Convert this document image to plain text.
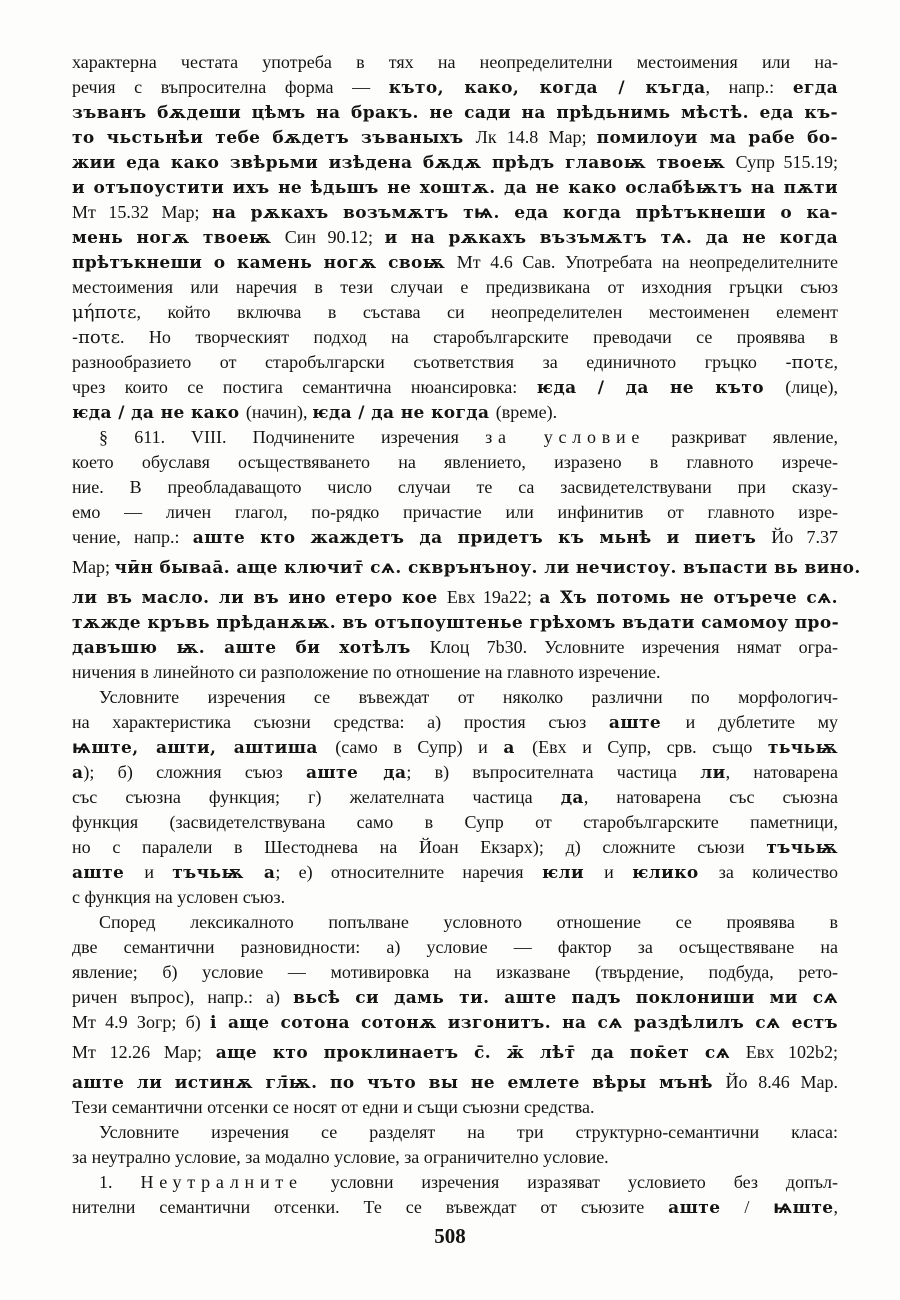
характерна честата употреба в тях на неопределителни местоимения или на-
речия с въпросителна форма — къто, како, когда / къгда, напр.: егда
зъванъ бѫдеши цѣмъ на бракъ. не сади на прѣдьнимь мѣстѣ. еда къ-
то чьстьнѣи тебе бѫдетъ зъваныхъ Лк 14.8 Мар; помилоуи ма рабе бо-
жии еда како звѣрьми изѣдена бѫдѫ прѣдъ главоѭ твоеѭ Супр 515.19;
и отъпоустити ихъ не ѣдьшъ не хоштѫ. да не како ослабѣѭтъ на пѫти
Мт 15.32 Мар; на рѫкахъ возъмѫтъ тѩ. еда когда прѣтъкнеши о ка-
мень ногѫ твоеѭ Син 90.12; и на рѫкахъ възъмѫтъ тѧ. да не когда
прѣтъкнеши о камень ногѫ своѭ Мт 4.6 Сав. Употребата на неопределителните
местоимения или наречия в тези случаи е предизвикана от изходния гръцки съюз
μήποτε, който включва в състава си неопределителен местоименен елемент
-ποτε. Но творческият подход на старобългарските преводачи се проявява в
разнообразието от старобългарски съответствия за единичното гръцко -ποτε,
чрез които се постига семантична нюансировка: ѥда / да не къто (лице),
ѥда / да не како (начин), ѥда / да не когда (време).
§ 611. VIII. Подчинените изречения за условие разкриват явление,
което обуславя осъществяването на явлението, изразено в главното изрече-
ние. В преобладаващото число случаи те са засвидетелствувани при сказу-
емо — личен глагол, по-рядко причастие или инфинитив от главното изре-
чение, напр.: аште кто жаждетъ да придетъ къ мьнѣ и пиетъ Йо 7.37
Мар; чӣн бываа̄. аще ключит̄ сѧ. скврънъноу. ли нечистоу. въпасти вь вино.
ли въ масло. ли въ ино етеро кое Евх 19а22; а Х̄ъ потомь не отърече сѧ.
тѫжде кръвь прѣданѫѭ. въ отъпоуштенье грѣхомъ въдати самомоу про-
давъшю ѭ. аште би хотѣлъ Клоц 7b30. Условните изречения нямат огра-
ничения в линейното си разположение по отношение на главното изречение.
Условните изречения се въвеждат от няколко различни по морфологич-
на характеристика съюзни средства: а) простия съюз аште и дублетите му
ѩште, ашти, аштиша (само в Супр) и а (Евх и Супр, срв. също тьчьѭ
а); б) сложния съюз аште да; в) въпросителната частица ли, натоварена
със съюзна функция; г) желателната частица да, натоварена със съюзна
функция (засвидетелствувана само в Супр от старобългарските паметници,
но с паралели в Шестоднева на Йоан Екзарх); д) сложните съюзи тъчьѭ
аште и тъчьѭ а; е) относителните наречия ѥли и ѥлико за количество
с функция на условен съюз.
Според лексикалното попълване условното отношение се проявява в
две семантични разновидности: а) условие — фактор за осъществяване на
явление; б) условие — мотивировка на изказване (твърдение, подбуда, рето-
ричен въпрос), напр.: а) вьсѣ си дамь ти. аште падъ поклониши ми сѧ
Мт 4.9 Зогр; б) і аще сотона сотонѫ изгонитъ. на сѧ раздѣлилъ сѧ естъ
Мт 12.26 Мар; аще кто проклинаетъ с̄. ж̄ лѣт̄ да пок̄ет сѧ Евх 102b2;
аште ли истинѫ гл̄ѭ. по чъто вы не емлете вѣры мънѣ Йо 8.46 Мар.
Тези семантични отсенки се носят от едни и същи съюзни средства.
Условните изречения се разделят на три структурно-семантични класа:
за неутрално условие, за модално условие, за ограничително условие.
1. Неутралните условни изречения изразяват условието без допъл-
нителни семантични отсенки. Те се въвеждат от съюзите аште / ѩште,
508
